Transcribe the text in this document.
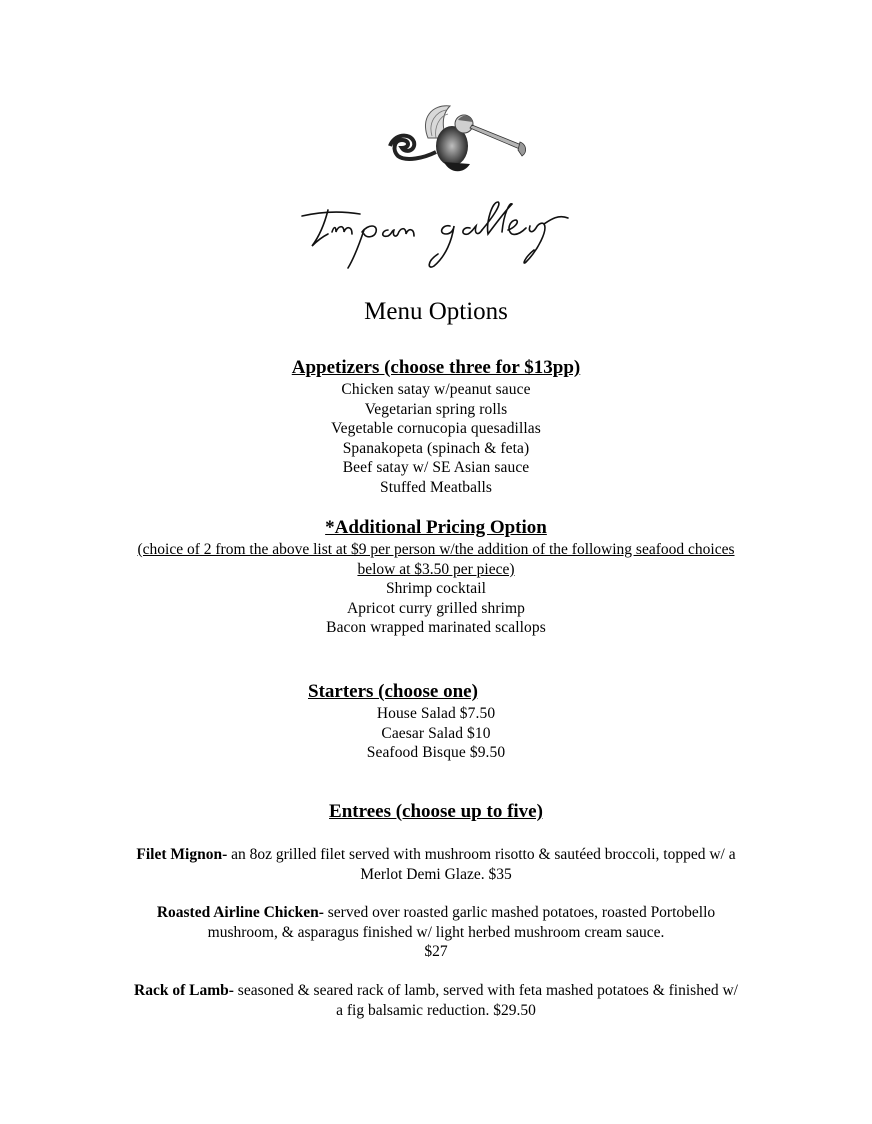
Menu Options
Appetizers (choose three for $13pp)
Chicken satay w/peanut sauce
Vegetarian spring rolls
Vegetable cornucopia quesadillas
Spanakopeta (spinach & feta)
Beef satay w/ SE Asian sauce
Stuffed Meatballs
*Additional Pricing Option
(choice of 2 from the above list at $9 per person w/the addition of the following seafood choices
below at $3.50 per piece)
Shrimp cocktail
Apricot curry grilled shrimp
Bacon wrapped marinated scallops
Starters (choose one)
House Salad $7.50
Caesar Salad $10
Seafood Bisque $9.50
Entrees (choose up to five)
Filet Mignon- an 8oz grilled filet served with mushroom risotto & sautéed broccoli, topped w/ a
Merlot Demi Glaze. $35
Roasted Airline Chicken- served over roasted garlic mashed potatoes, roasted Portobello
mushroom, & asparagus finished w/ light herbed mushroom cream sauce.
$27
Rack of Lamb- seasoned & seared rack of lamb, served with feta mashed potatoes & finished w/
a fig balsamic reduction. $29.50
